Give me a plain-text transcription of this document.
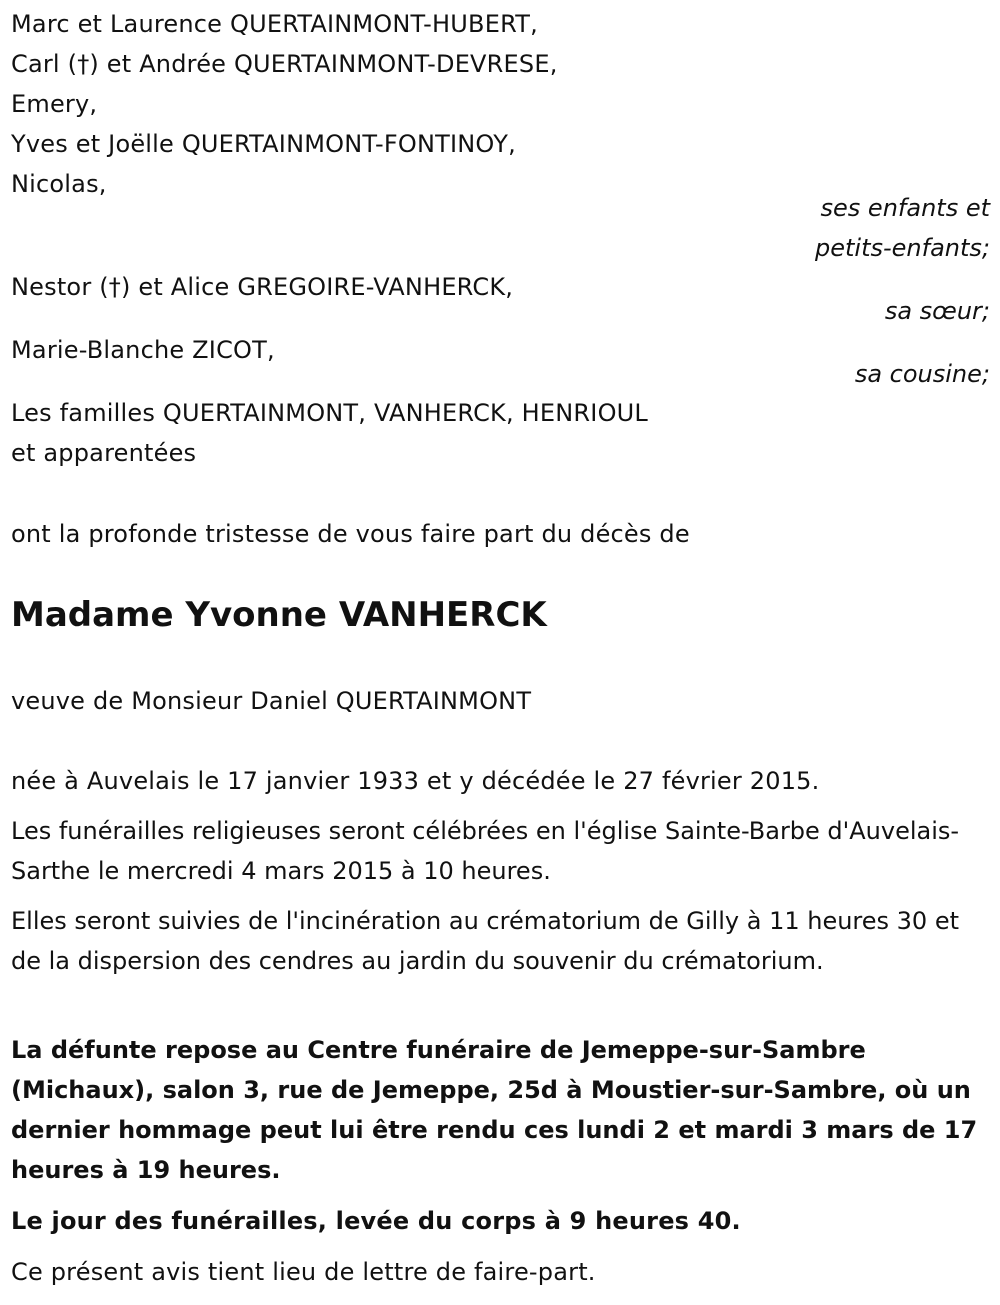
Marc et Laurence QUERTAINMONT-HUBERT,
Carl (†) et Andrée QUERTAINMONT-DEVRESE,
Emery,
Yves et Joëlle QUERTAINMONT-FONTINOY,
Nicolas,
ses enfants et
petits-enfants;
Nestor (†) et Alice GREGOIRE-VANHERCK,
sa sœur;
Marie-Blanche ZICOT,
sa cousine;
Les familles QUERTAINMONT, VANHERCK, HENRIOUL
et apparentées
ont la profonde tristesse de vous faire part du décès de
Madame Yvonne VANHERCK
veuve de Monsieur Daniel QUERTAINMONT
née à Auvelais le 17 janvier 1933 et y décédée le 27 février 2015.
Les funérailles religieuses seront célébrées en l'église Sainte-Barbe d'Auvelais-Sarthe le mercredi 4 mars 2015 à 10 heures.
Elles seront suivies de l'incinération au crématorium de Gilly à 11 heures 30 et de la dispersion des cendres au jardin du souvenir du crématorium.
La défunte repose au Centre funéraire de Jemeppe-sur-Sambre (Michaux), salon 3, rue de Jemeppe, 25d à Moustier-sur-Sambre, où un dernier hommage peut lui être rendu ces lundi 2 et mardi 3 mars de 17 heures à 19 heures.
Le jour des funérailles, levée du corps à 9 heures 40.
Ce présent avis tient lieu de lettre de faire-part.
